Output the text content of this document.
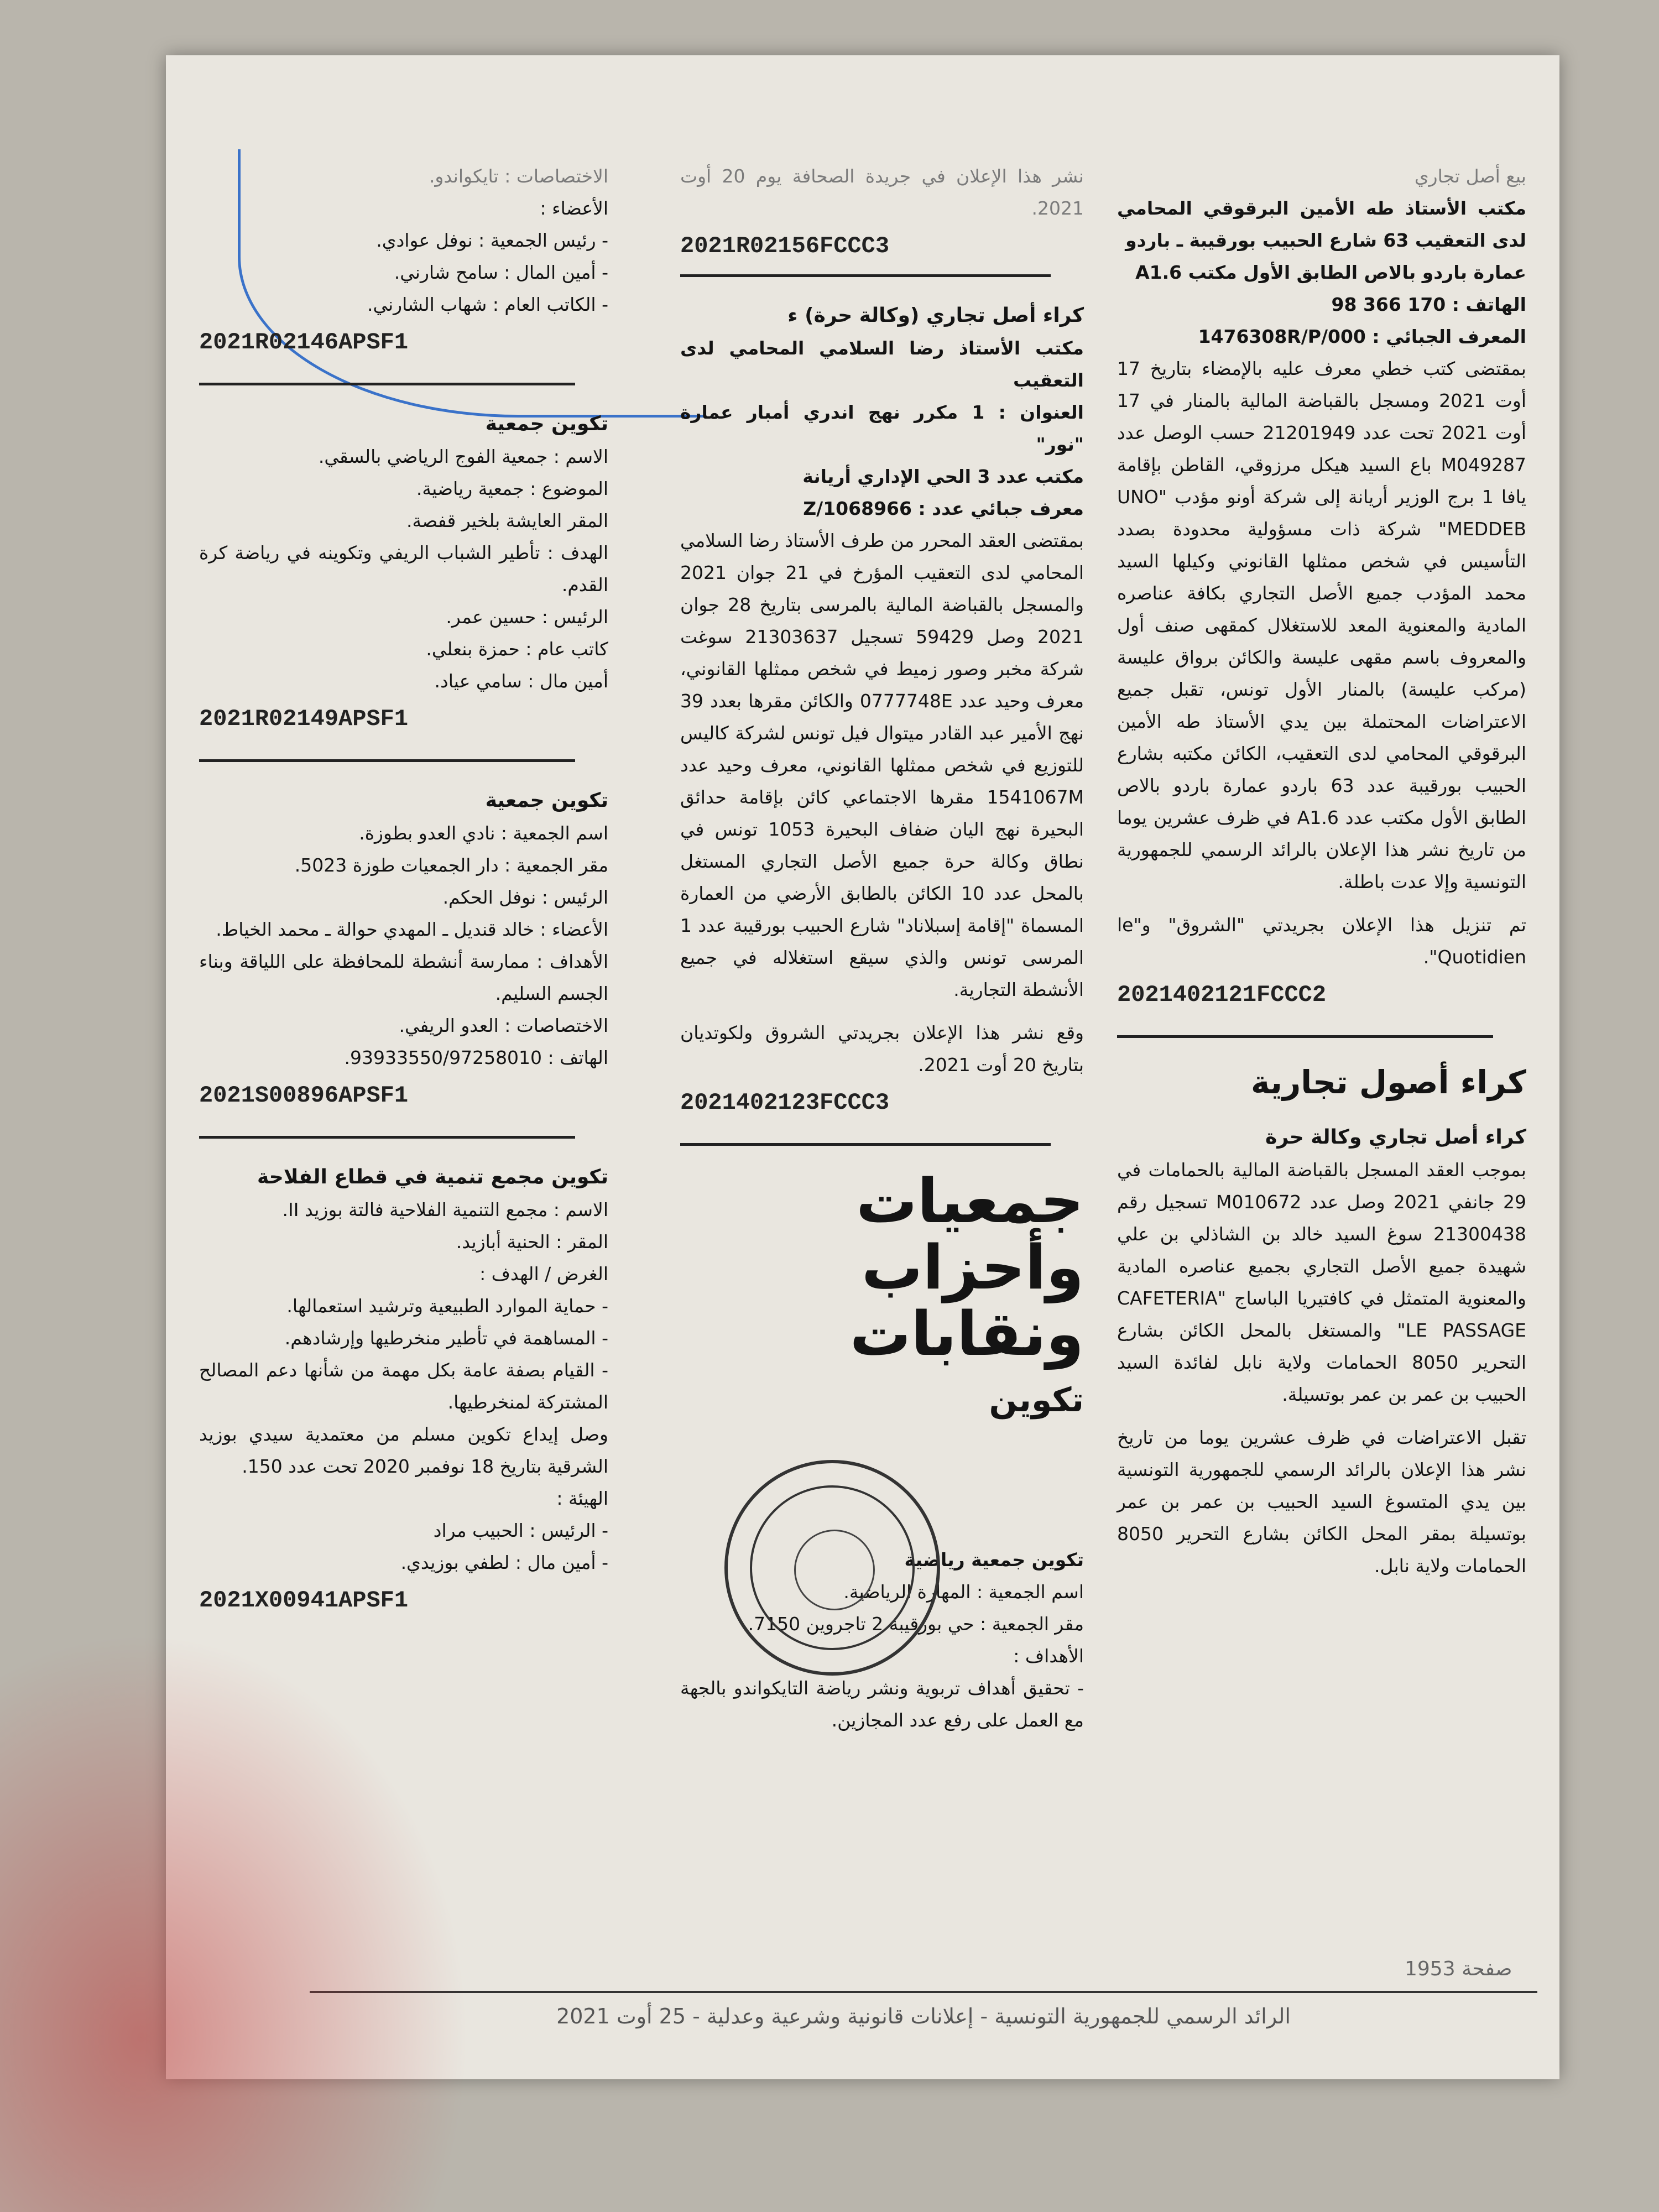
بيع أصل تجاري

مكتب الأستاذ طه الأمين البرقوقي المحامي لدى التعقيب 63 شارع الحبيب بورقيبة ـ باردو

عمارة باردو بالاص الطابق الأول مكتب A1.6

الهاتف : 170 366 98

المعرف الجبائي : 1476308R/P/000

بمقتضى كتب خطي معرف عليه بالإمضاء بتاريخ 17 أوت 2021 ومسجل بالقباضة المالية بالمنار في 17 أوت 2021 تحت عدد 21201949 حسب الوصل عدد M049287 باع السيد هيكل مرزوقي، القاطن بإقامة يافا 1 برج الوزير أريانة إلى شركة أونو مؤدب "UNO MEDDEB" شركة ذات مسؤولية محدودة بصدد التأسيس في شخص ممثلها القانوني وكيلها السيد محمد المؤدب جميع الأصل التجاري بكافة عناصره المادية والمعنوية المعد للاستغلال كمقهى صنف أول والمعروف باسم مقهى عليسة والكائن برواق عليسة (مركب عليسة) بالمنار الأول تونس، تقبل جميع الاعتراضات المحتملة بين يدي الأستاذ طه الأمين البرقوقي المحامي لدى التعقيب، الكائن مكتبه بشارع الحبيب بورقيبة عدد 63 باردو عمارة باردو بالاص الطابق الأول مكتب عدد A1.6 في ظرف عشرين يوما من تاريخ نشر هذا الإعلان بالرائد الرسمي للجمهورية التونسية وإلا عدت باطلة.

تم تنزيل هذا الإعلان بجريدتي "الشروق" و"le Quotidien".

2021402121FCCC2
كراء أصول تجارية

كراء أصل تجاري وكالة حرة

بموجب العقد المسجل بالقباضة المالية بالحمامات في 29 جانفي 2021 وصل عدد M010672 تسجيل رقم 21300438 سوغ السيد خالد بن الشاذلي بن علي شهيدة جميع الأصل التجاري بجميع عناصره المادية والمعنوية المتمثل في كافتيريا الباساج "CAFETERIA LE PASSAGE" والمستغل بالمحل الكائن بشارع التحرير 8050 الحمامات ولاية نابل لفائدة السيد الحبيب بن عمر بن عمر بوتسيلة.

تقبل الاعتراضات في ظرف عشرين يوما من تاريخ نشر هذا الإعلان بالرائد الرسمي للجمهورية التونسية بين يدي المتسوغ السيد الحبيب بن عمر بن عمر بوتسيلة بمقر المحل الكائن بشارع التحرير 8050 الحمامات ولاية نابل.

نشر هذا الإعلان في جريدة الصحافة يوم 20 أوت 2021.

2021R02156FCCC3

كراء أصل تجاري (وكالة حرة) ء

مكتب الأستاذ رضا السلامي المحامي لدى التعقيب

العنوان : 1 مكرر نهج اندري أمبار عمارة "نور"

مكتب عدد 3 الحي الإداري أريانة

معرف جبائي عدد : 1068966/Z

بمقتضى العقد المحرر من طرف الأستاذ رضا السلامي المحامي لدى التعقيب المؤرخ في 21 جوان 2021 والمسجل بالقباضة المالية بالمرسى بتاريخ 28 جوان 2021 وصل 59429 تسجيل 21303637 سوغت شركة مخبر وصور زميط في شخص ممثلها القانوني، معرف وحيد عدد 0777748E والكائن مقرها بعدد 39 نهج الأمير عبد القادر ميتوال فيل تونس لشركة كاليس للتوزيع في شخص ممثلها القانوني، معرف وحيد عدد 1541067M مقرها الاجتماعي كائن بإقامة حدائق البحيرة نهج اليان ضفاف البحيرة 1053 تونس في نطاق وكالة حرة جميع الأصل التجاري المستغل بالمحل عدد 10 الكائن بالطابق الأرضي من العمارة المسماة "إقامة إسبلاناد" شارع الحبيب بورقيبة عدد 1 المرسى تونس والذي سيقع استغلاله في جميع الأنشطة التجارية.

وقع نشر هذا الإعلان بجريدتي الشروق ولكوتديان بتاريخ 20 أوت 2021.

2021402123FCCC3
جمعيات وأحزاب ونقابات
تكوين

تكوين جمعية رياضية

اسم الجمعية : المهارة الرياضية.

مقر الجمعية : حي بورقيبة 2 تاجروين 7150.

الأهداف :

- تحقيق أهداف تربوية ونشر رياضة التايكواندو بالجهة مع العمل على رفع عدد المجازين.

الاختصاصات : تايكواندو.

الأعضاء :

- رئيس الجمعية : نوفل عوادي.

- أمين المال : سامح شارني.

- الكاتب العام : شهاب الشارني.

2021R02146APSF1

تكوين جمعية

الاسم : جمعية الفوج الرياضي بالسقي.

الموضوع : جمعية رياضية.

المقر العايشة بلخير قفصة.

الهدف : تأطير الشباب الريفي وتكوينه في رياضة كرة القدم.

الرئيس : حسين عمر.

كاتب عام : حمزة بنعلي.

أمين مال : سامي عياد.

2021R02149APSF1

تكوين جمعية

اسم الجمعية : نادي العدو بطوزة.

مقر الجمعية : دار الجمعيات طوزة 5023.

الرئيس : نوفل الحكم.

الأعضاء : خالد قنديل ـ المهدي حوالة ـ محمد الخياط.

الأهداف : ممارسة أنشطة للمحافظة على اللياقة وبناء الجسم السليم.

الاختصاصات : العدو الريفي.

الهاتف : 93933550/97258010.

2021S00896APSF1

تكوين مجمع تنمية في قطاع الفلاحة

الاسم : مجمع التنمية الفلاحية فالتة بوزيد II.

المقر : الحنية أبازيد.

الغرض / الهدف :

- حماية الموارد الطبيعية وترشيد استعمالها.

- المساهمة في تأطير منخرطيها وإرشادهم.

- القيام بصفة عامة بكل مهمة من شأنها دعم المصالح المشتركة لمنخرطيها.

وصل إيداع تكوين مسلم من معتمدية سيدي بوزيد الشرقية بتاريخ 18 نوفمبر 2020 تحت عدد 150.

الهيئة :

- الرئيس : الحبيب مراد

- أمين مال : لطفي بوزيدي.

2021X00941APSF1
صفحة 1953
الرائد الرسمي للجمهورية التونسية - إعلانات قانونية وشرعية وعدلية - 25 أوت 2021
